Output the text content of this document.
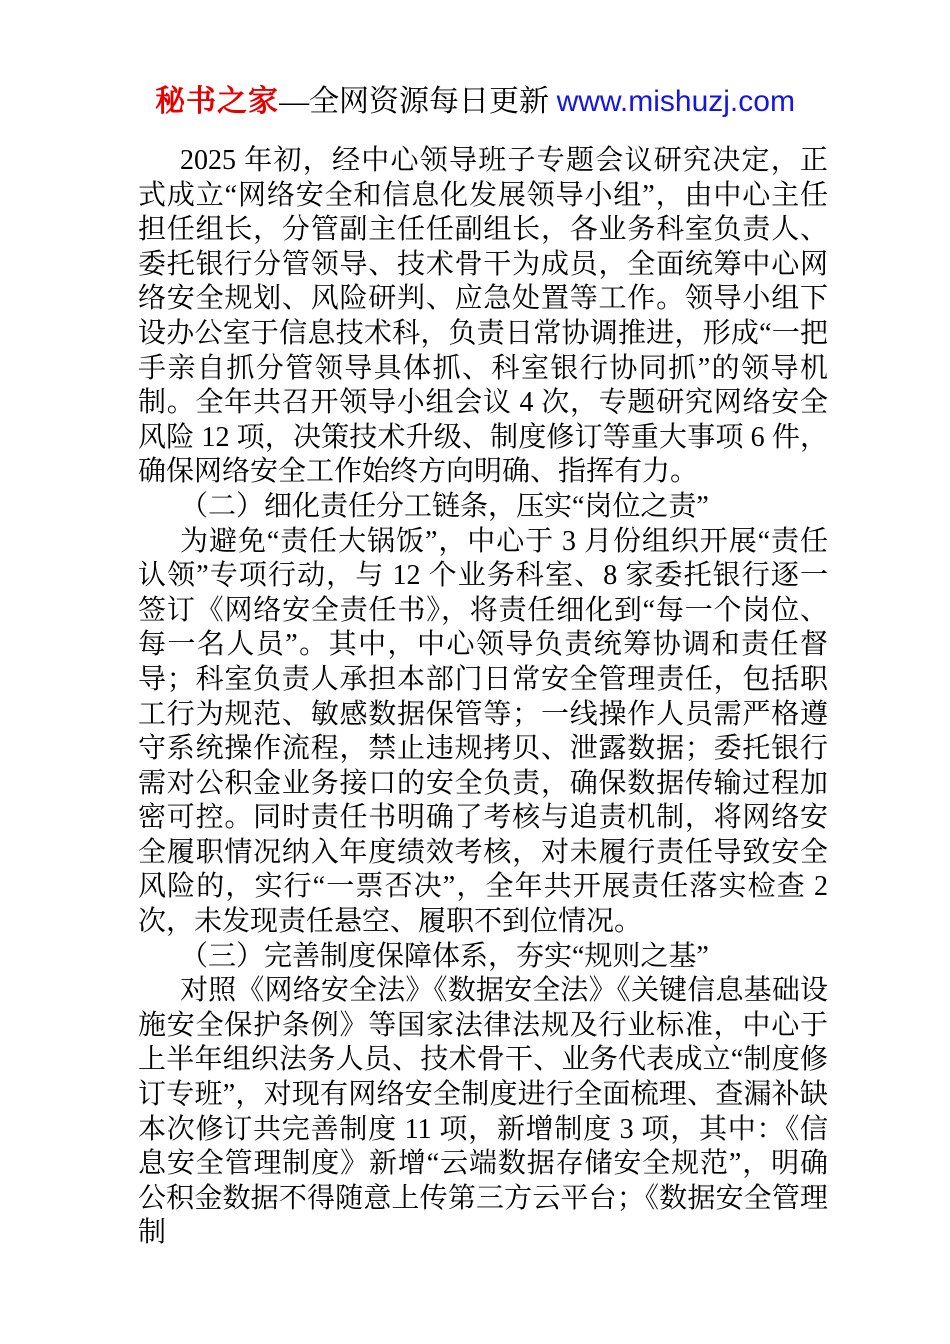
秘书之家—全网资源每日更新 www.mishuzj.com

2025 年初，经中心领导班子专题会议研究决定，正式成立“网络安全和信息化发展领导小组”，由中心主任担任组长，分管副主任任副组长，各业务科室负责人、委托银行分管领导、技术骨干为成员，全面统筹中心网络安全规划、风险研判、应急处置等工作。领导小组下设办公室于信息技术科，负责日常协调推进，形成“一把手亲自抓分管领导具体抓、科室银行协同抓”的领导机制。全年共召开领导小组会议 4 次，专题研究网络安全风险 12 项，决策技术升级、制度修订等重大事项 6 件，确保网络安全工作始终方向明确、指挥有力。

（二）细化责任分工链条，压实“岗位之责”

为避免“责任大锅饭”，中心于 3 月份组织开展“责任认领”专项行动，与 12 个业务科室、8 家委托银行逐一签订《网络安全责任书》，将责任细化到“每一个岗位、每一名人员”。其中，中心领导负责统筹协调和责任督导；科室负责人承担本部门日常安全管理责任，包括职工行为规范、敏感数据保管等；一线操作人员需严格遵守系统操作流程，禁止违规拷贝、泄露数据；委托银行需对公积金业务接口的安全负责，确保数据传输过程加密可控。同时责任书明确了考核与追责机制，将网络安全履职情况纳入年度绩效考核，对未履行责任导致安全风险的，实行“一票否决”，全年共开展责任落实检查 2 次，未发现责任悬空、履职不到位情况。

（三）完善制度保障体系，夯实“规则之基”

对照《网络安全法》《数据安全法》《关键信息基础设施安全保护条例》等国家法律法规及行业标准，中心于上半年组织法务人员、技术骨干、业务代表成立“制度修订专班”，对现有网络安全制度进行全面梳理、查漏补缺本次修订共完善制度 11 项，新增制度 3 项，其中：《信息安全管理制度》新增“云端数据存储安全规范”，明确公积金数据不得随意上传第三方云平台；《数据安全管理制
